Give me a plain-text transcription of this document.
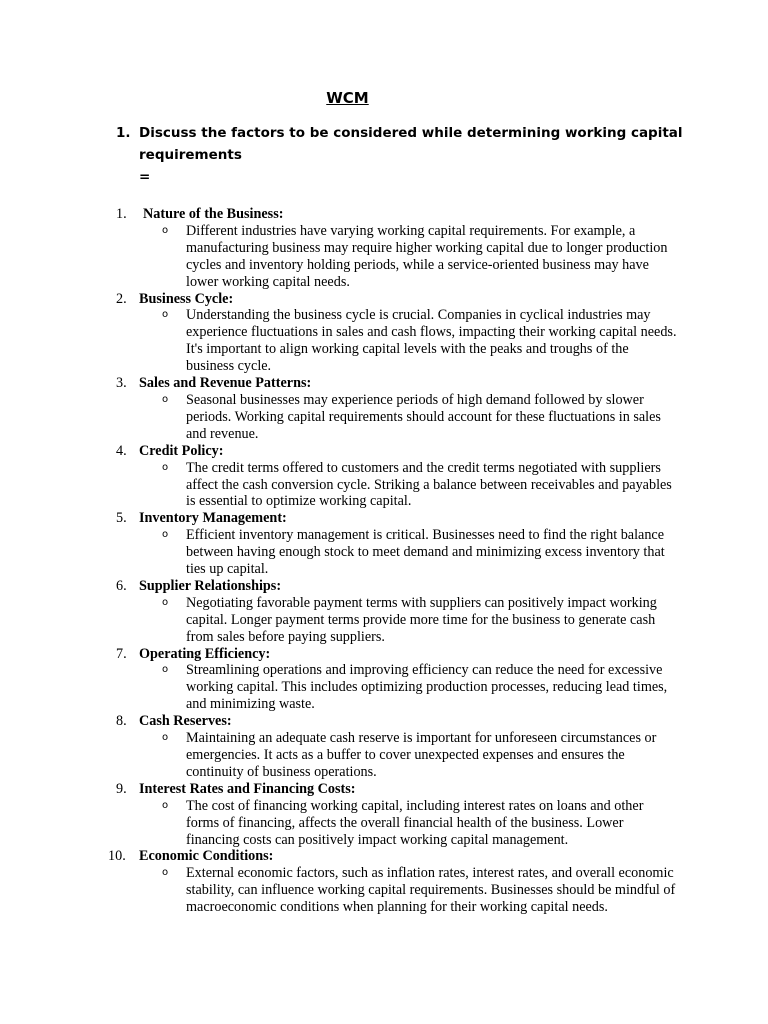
WCM
1. Discuss the factors to be considered while determining working capital requirements
=
1. Nature of the Business:
o Different industries have varying working capital requirements. For example, a manufacturing business may require higher working capital due to longer production cycles and inventory holding periods, while a service-oriented business may have lower working capital needs.
2. Business Cycle:
o Understanding the business cycle is crucial. Companies in cyclical industries may experience fluctuations in sales and cash flows, impacting their working capital needs. It's important to align working capital levels with the peaks and troughs of the business cycle.
3. Sales and Revenue Patterns:
o Seasonal businesses may experience periods of high demand followed by slower periods. Working capital requirements should account for these fluctuations in sales and revenue.
4. Credit Policy:
o The credit terms offered to customers and the credit terms negotiated with suppliers affect the cash conversion cycle. Striking a balance between receivables and payables is essential to optimize working capital.
5. Inventory Management:
o Efficient inventory management is critical. Businesses need to find the right balance between having enough stock to meet demand and minimizing excess inventory that ties up capital.
6. Supplier Relationships:
o Negotiating favorable payment terms with suppliers can positively impact working capital. Longer payment terms provide more time for the business to generate cash from sales before paying suppliers.
7. Operating Efficiency:
o Streamlining operations and improving efficiency can reduce the need for excessive working capital. This includes optimizing production processes, reducing lead times, and minimizing waste.
8. Cash Reserves:
o Maintaining an adequate cash reserve is important for unforeseen circumstances or emergencies. It acts as a buffer to cover unexpected expenses and ensures the continuity of business operations.
9. Interest Rates and Financing Costs:
o The cost of financing working capital, including interest rates on loans and other forms of financing, affects the overall financial health of the business. Lower financing costs can positively impact working capital management.
10. Economic Conditions:
o External economic factors, such as inflation rates, interest rates, and overall economic stability, can influence working capital requirements. Businesses should be mindful of macroeconomic conditions when planning for their working capital needs.
